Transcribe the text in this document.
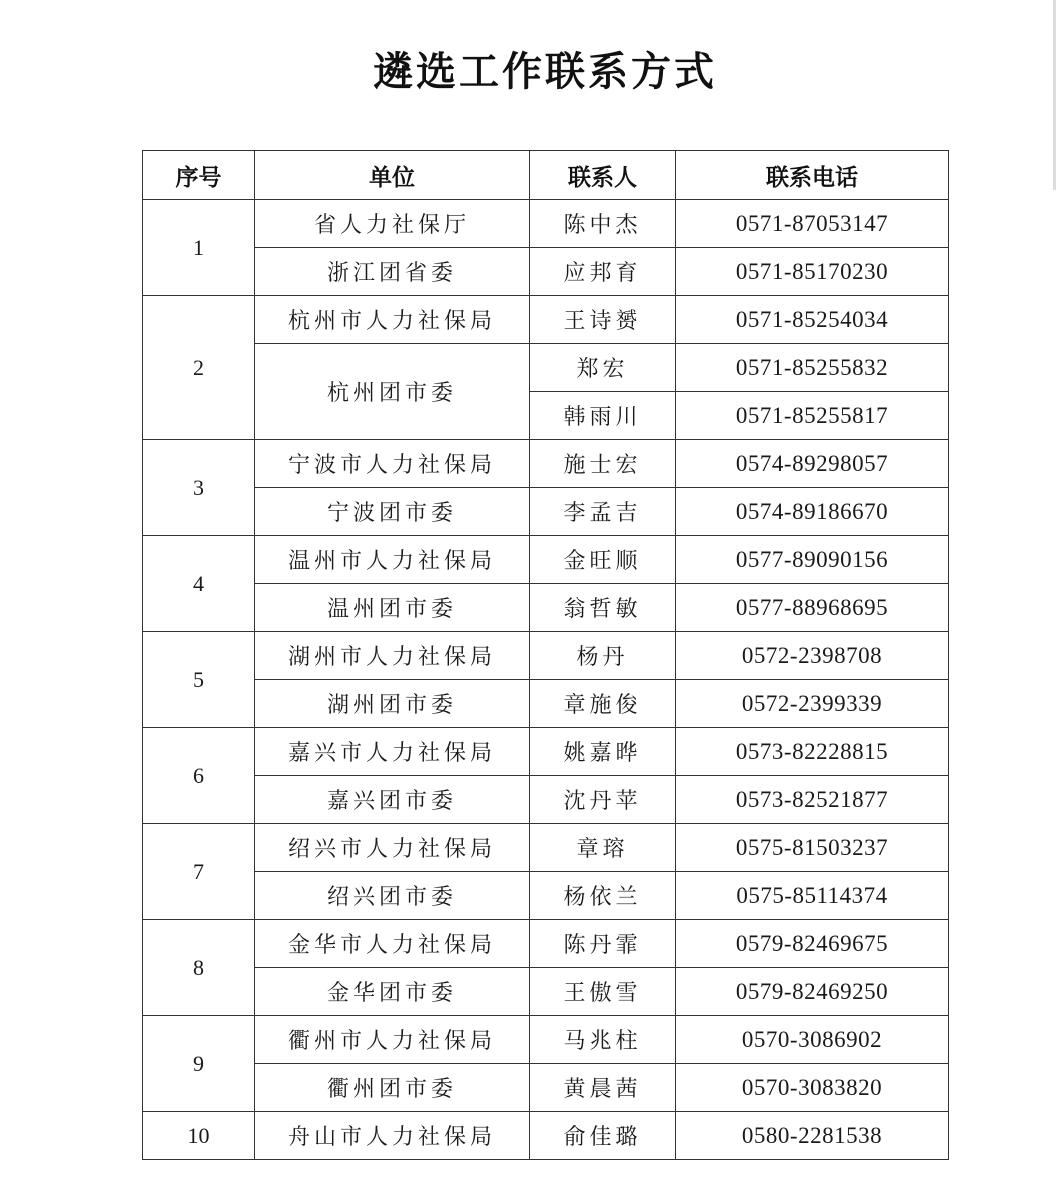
遴选工作联系方式
序号	单位	联系人	联系电话
1	省人力社保厅	陈中杰	0571-87053147
	浙江团省委	应邦育	0571-85170230
2	杭州市人力社保局	王诗赟	0571-85254034
	杭州团市委	郑宏	0571-85255832
		韩雨川	0571-85255817
3	宁波市人力社保局	施士宏	0574-89298057
	宁波团市委	李孟吉	0574-89186670
4	温州市人力社保局	金旺顺	0577-89090156
	温州团市委	翁哲敏	0577-88968695
5	湖州市人力社保局	杨丹	0572-2398708
	湖州团市委	章施俊	0572-2399339
6	嘉兴市人力社保局	姚嘉晔	0573-82228815
	嘉兴团市委	沈丹苹	0573-82521877
7	绍兴市人力社保局	章瑢	0575-81503237
	绍兴团市委	杨依兰	0575-85114374
8	金华市人力社保局	陈丹霏	0579-82469675
	金华团市委	王傲雪	0579-82469250
9	衢州市人力社保局	马兆柱	0570-3086902
	衢州团市委	黄晨茜	0570-3083820
10	舟山市人力社保局	俞佳璐	0580-2281538
